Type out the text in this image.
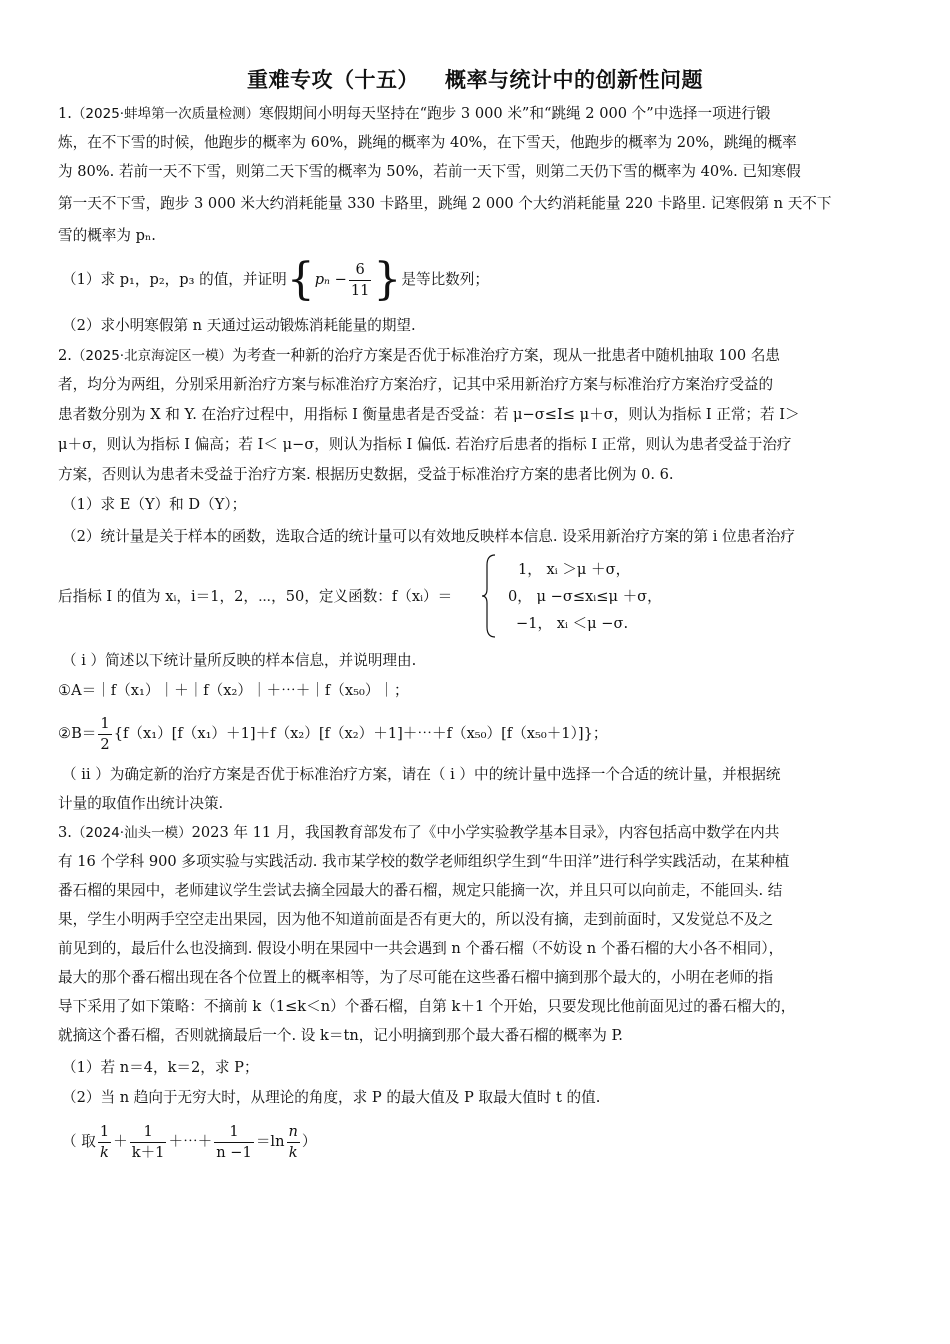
重难专攻（十五） 概率与统计中的创新性问题
1.（2025·蚌埠第一次质量检测）寒假期间小明每天坚持在“跑步 3 000 米”和“跳绳 2 000 个”中选择一项进行锻
炼，在不下雪的时候，他跑步的概率为 60%，跳绳的概率为 40%，在下雪天，他跑步的概率为 20%，跳绳的概率
为 80%. 若前一天不下雪，则第二天下雪的概率为 50%，若前一天下雪，则第二天仍下雪的概率为 40%. 已知寒假
第一天不下雪，跑步 3 000 米大约消耗能量 330 卡路里，跳绳 2 000 个大约消耗能量 220 卡路里. 记寒假第 n 天不下
雪的概率为 pₙ.
（1）求 p₁，p₂，p₃ 的值，并证明{$p_n - \frac{6}{11}$ }是等比数列；
（2）求小明寒假第 n 天通过运动锻炼消耗能量的期望.
2.（2025·北京海淀区一模）为考查一种新的治疗方案是否优于标准治疗方案，现从一批患者中随机抽取 100 名患
者，均分为两组，分别采用新治疗方案与标准治疗方案治疗，记其中采用新治疗方案与标准治疗方案治疗受益的
患者数分别为 X 和 Y. 在治疗过程中，用指标 I 衡量患者是否受益：若 μ−σ≤I≤ μ＋σ，则认为指标 I 正常；若 I＞
μ＋σ，则认为指标 I 偏高；若 I＜ μ−σ，则认为指标 I 偏低. 若治疗后患者的指标 I 正常，则认为患者受益于治疗
方案，否则认为患者未受益于治疗方案. 根据历史数据，受益于标准治疗方案的患者比例为 0. 6.
（1）求 E（Y）和 D（Y）；
（2）统计量是关于样本的函数，选取合适的统计量可以有效地反映样本信息. 设采用新治疗方案的第 i 位患者治疗
后指标 I 的值为 xᵢ，i＝1，2，⋯，50，定义函数：f（xᵢ）＝
1， xᵢ ＞μ ＋σ，
0， μ −σ≤xᵢ≤μ ＋σ，
−1， xᵢ ＜μ −σ.
（ ⅰ ）简述以下统计量所反映的样本信息，并说明理由.
①A＝｜f（x₁）｜＋｜f（x₂）｜＋⋯＋｜f（x₅₀）｜；
②B＝ $\frac{1}{2}$ {f（x₁）[f（x₁）＋1]＋f（x₂）[f（x₂）＋1]＋⋯＋f（x₅₀）[f（x₅₀＋1）]}；
（ ⅱ ）为确定新的治疗方案是否优于标准治疗方案，请在（ ⅰ ）中的统计量中选择一个合适的统计量，并根据统
计量的取值作出统计决策.
3.（2024·汕头一模）2023 年 11 月，我国教育部发布了《中小学实验教学基本目录》，内容包括高中数学在内共
有 16 个学科 900 多项实验与实践活动. 我市某学校的数学老师组织学生到“牛田洋”进行科学实践活动，在某种植
番石榴的果园中，老师建议学生尝试去摘全园最大的番石榴，规定只能摘一次，并且只可以向前走，不能回头. 结
果，学生小明两手空空走出果园，因为他不知道前面是否有更大的，所以没有摘，走到前面时，又发觉总不及之
前见到的，最后什么也没摘到. 假设小明在果园中一共会遇到 n 个番石榴（不妨设 n 个番石榴的大小各不相同），
最大的那个番石榴出现在各个位置上的概率相等，为了尽可能在这些番石榴中摘到那个最大的，小明在老师的指
导下采用了如下策略：不摘前 k（1≤k＜n）个番石榴，自第 k＋1 个开始，只要发现比他前面见过的番石榴大的，
就摘这个番石榴，否则就摘最后一个. 设 k＝tn，记小明摘到那个最大番石榴的概率为 P.
（1）若 n＝4，k＝2，求 P；
（2）当 n 趋向于无穷大时，从理论的角度，求 P 的最大值及 P 取最大值时 t 的值.
（ 取 $\frac{1}{k} + \frac{1}{k+1}$ ＋⋯＋ $\frac{1}{n -1} =\ln \frac{n}{k}$ ）
